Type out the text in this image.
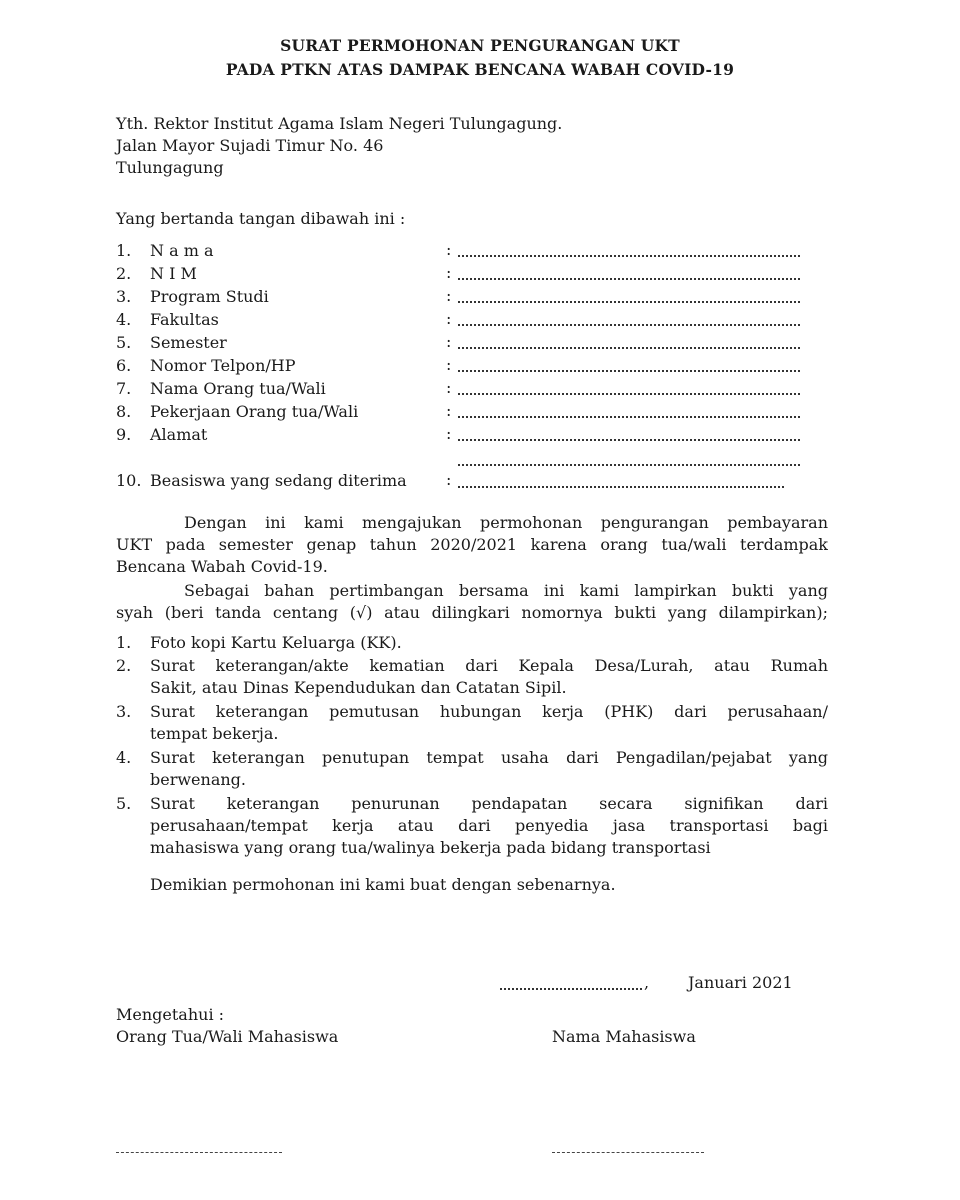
SURAT PERMOHONAN PENGURANGAN UKT
PADA PTKN ATAS DAMPAK BENCANA WABAH COVID-19
Yth. Rektor Institut Agama Islam Negeri Tulungagung.
Jalan Mayor Sujadi Timur No. 46
Tulungagung
Yang bertanda tangan dibawah ini :
1. N a m a	:
2. N I M	:
3. Program Studi	:
4. Fakultas	:
5. Semester	:
6. Nomor Telpon/HP	:
7. Nama Orang tua/Wali	:
8. Pekerjaan Orang tua/Wali	:
9. Alamat	:
10. Beasiswa yang sedang diterima :
Dengan ini kami mengajukan permohonan pengurangan pembayaran
UKT pada semester genap tahun 2020/2021 karena orang tua/wali terdampak
Bencana Wabah Covid-19.
Sebagai bahan pertimbangan bersama ini kami lampirkan bukti yang
syah (beri tanda centang (√) atau dilingkari nomornya bukti yang dilampirkan);
1. Foto kopi Kartu Keluarga (KK).
2. Surat keterangan/akte kematian dari Kepala Desa/Lurah, atau Rumah
Sakit, atau Dinas Kependudukan dan Catatan Sipil.
3. Surat keterangan pemutusan hubungan kerja (PHK) dari perusahaan/
tempat bekerja.
4. Surat keterangan penutupan tempat usaha dari Pengadilan/pejabat yang
berwenang.
5. Surat keterangan penurunan pendapatan secara signifikan dari
perusahaan/tempat kerja atau dari penyedia jasa transportasi bagi
mahasiswa yang orang tua/walinya bekerja pada bidang transportasi
Demikian permohonan ini kami buat dengan sebenarnya.
, Januari 2021
Mengetahui :
Orang Tua/Wali Mahasiswa	Nama Mahasiswa
